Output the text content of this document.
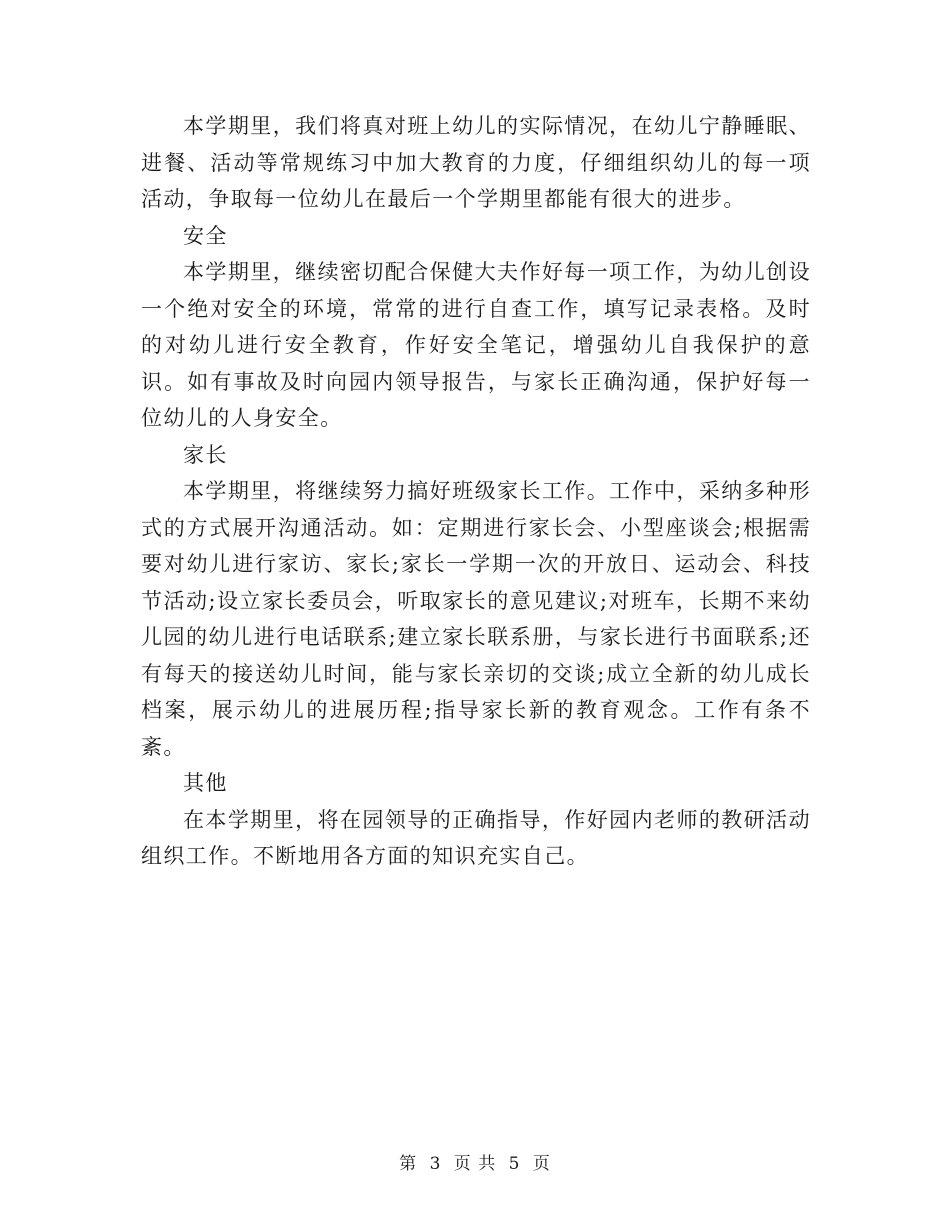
本学期里，我们将真对班上幼儿的实际情况，在幼儿宁静睡眠、进餐、活动等常规练习中加大教育的力度，仔细组织幼儿的每一项活动，争取每一位幼儿在最后一个学期里都能有很大的进步。

安全

本学期里，继续密切配合保健大夫作好每一项工作，为幼儿创设一个绝对安全的环境，常常的进行自查工作，填写记录表格。及时的对幼儿进行安全教育，作好安全笔记，增强幼儿自我保护的意识。如有事故及时向园内领导报告，与家长正确沟通，保护好每一位幼儿的人身安全。

家长

本学期里，将继续努力搞好班级家长工作。工作中，采纳多种形式的方式展开沟通活动。如：定期进行家长会、小型座谈会;根据需要对幼儿进行家访、家长;家长一学期一次的开放日、运动会、科技节活动;设立家长委员会，听取家长的意见建议;对班车，长期不来幼儿园的幼儿进行电话联系;建立家长联系册，与家长进行书面联系;还有每天的接送幼儿时间，能与家长亲切的交谈;成立全新的幼儿成长档案，展示幼儿的进展历程;指导家长新的教育观念。工作有条不紊。

其他

在本学期里，将在园领导的正确指导，作好园内老师的教研活动组织工作。不断地用各方面的知识充实自己。

第 3 页 共 5 页
